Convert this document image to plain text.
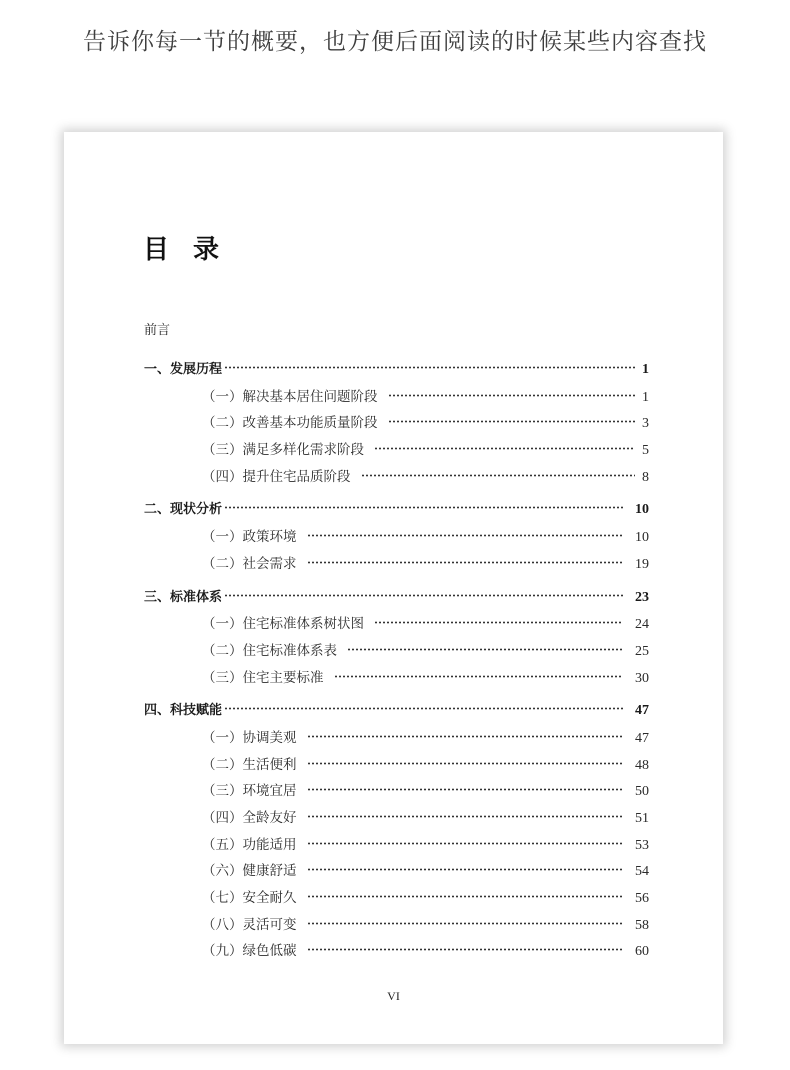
告诉你每一节的概要，也方便后面阅读的时候某些内容查找
目 录
前言
一、发展历程	1
（一）解决基本居住问题阶段	1
（二）改善基本功能质量阶段	3
（三）满足多样化需求阶段	5
（四）提升住宅品质阶段	8
二、现状分析	10
（一）政策环境	10
（二）社会需求	19
三、标准体系	23
（一）住宅标准体系树状图	24
（二）住宅标准体系表	25
（三）住宅主要标准	30
四、科技赋能	47
（一）协调美观	47
（二）生活便利	48
（三）环境宜居	50
（四）全龄友好	51
（五）功能适用	53
（六）健康舒适	54
（七）安全耐久	56
（八）灵活可变	58
（九）绿色低碳	60
VI
